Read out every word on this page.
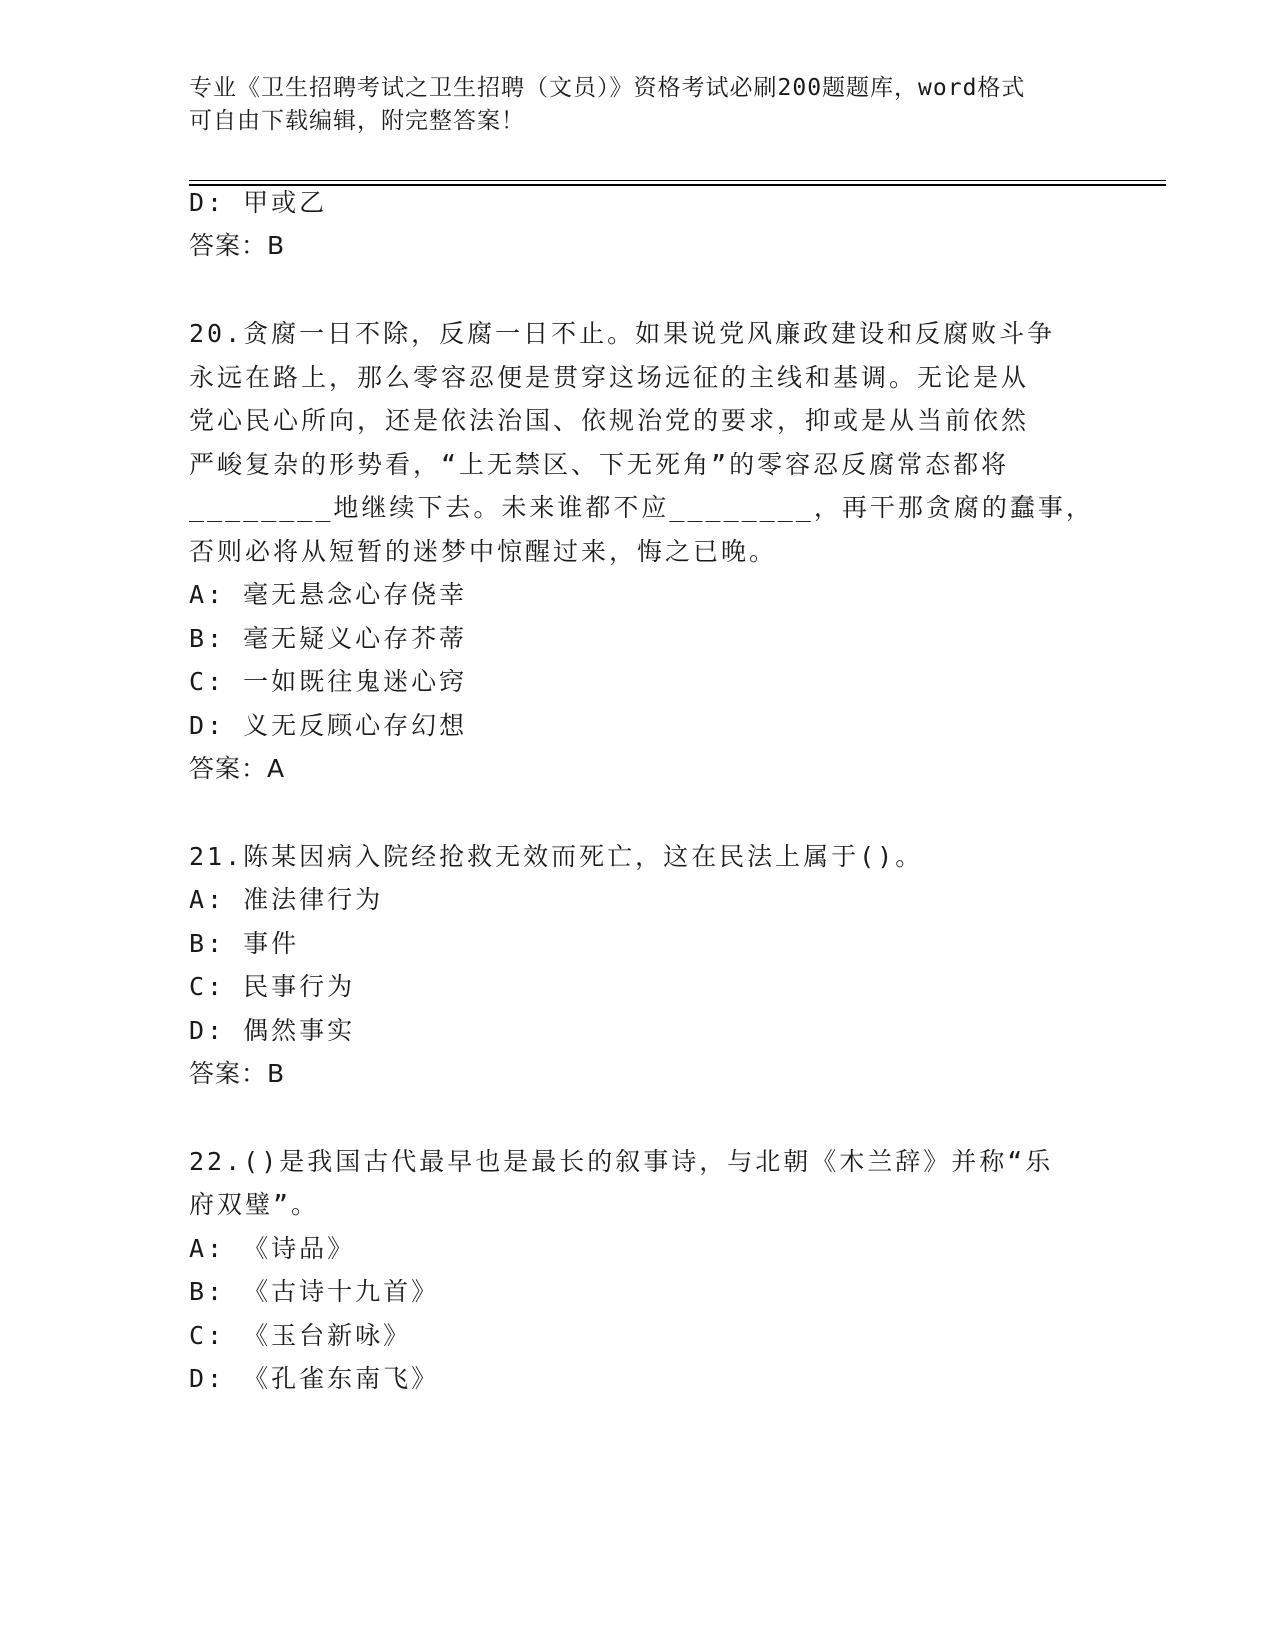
专业《卫生招聘考试之卫生招聘（文员）》资格考试必刷200题题库，word格式
可自由下载编辑，附完整答案！
D: 甲或乙
答案：B
20.贪腐一日不除，反腐一日不止。如果说党风廉政建设和反腐败斗争
永远在路上，那么零容忍便是贯穿这场远征的主线和基调。无论是从
党心民心所向，还是依法治国、依规治党的要求，抑或是从当前依然
严峻复杂的形势看，“上无禁区、下无死角”的零容忍反腐常态都将
________地继续下去。未来谁都不应________，再干那贪腐的蠢事，
否则必将从短暂的迷梦中惊醒过来，悔之已晚。
A: 毫无悬念心存侥幸
B: 毫无疑义心存芥蒂
C: 一如既往鬼迷心窍
D: 义无反顾心存幻想
答案：A
21.陈某因病入院经抢救无效而死亡，这在民法上属于()。
A: 准法律行为
B: 事件
C: 民事行为
D: 偶然事实
答案：B
22.()是我国古代最早也是最长的叙事诗，与北朝《木兰辞》并称“乐
府双璧”。
A: 《诗品》
B: 《古诗十九首》
C: 《玉台新咏》
D: 《孔雀东南飞》
